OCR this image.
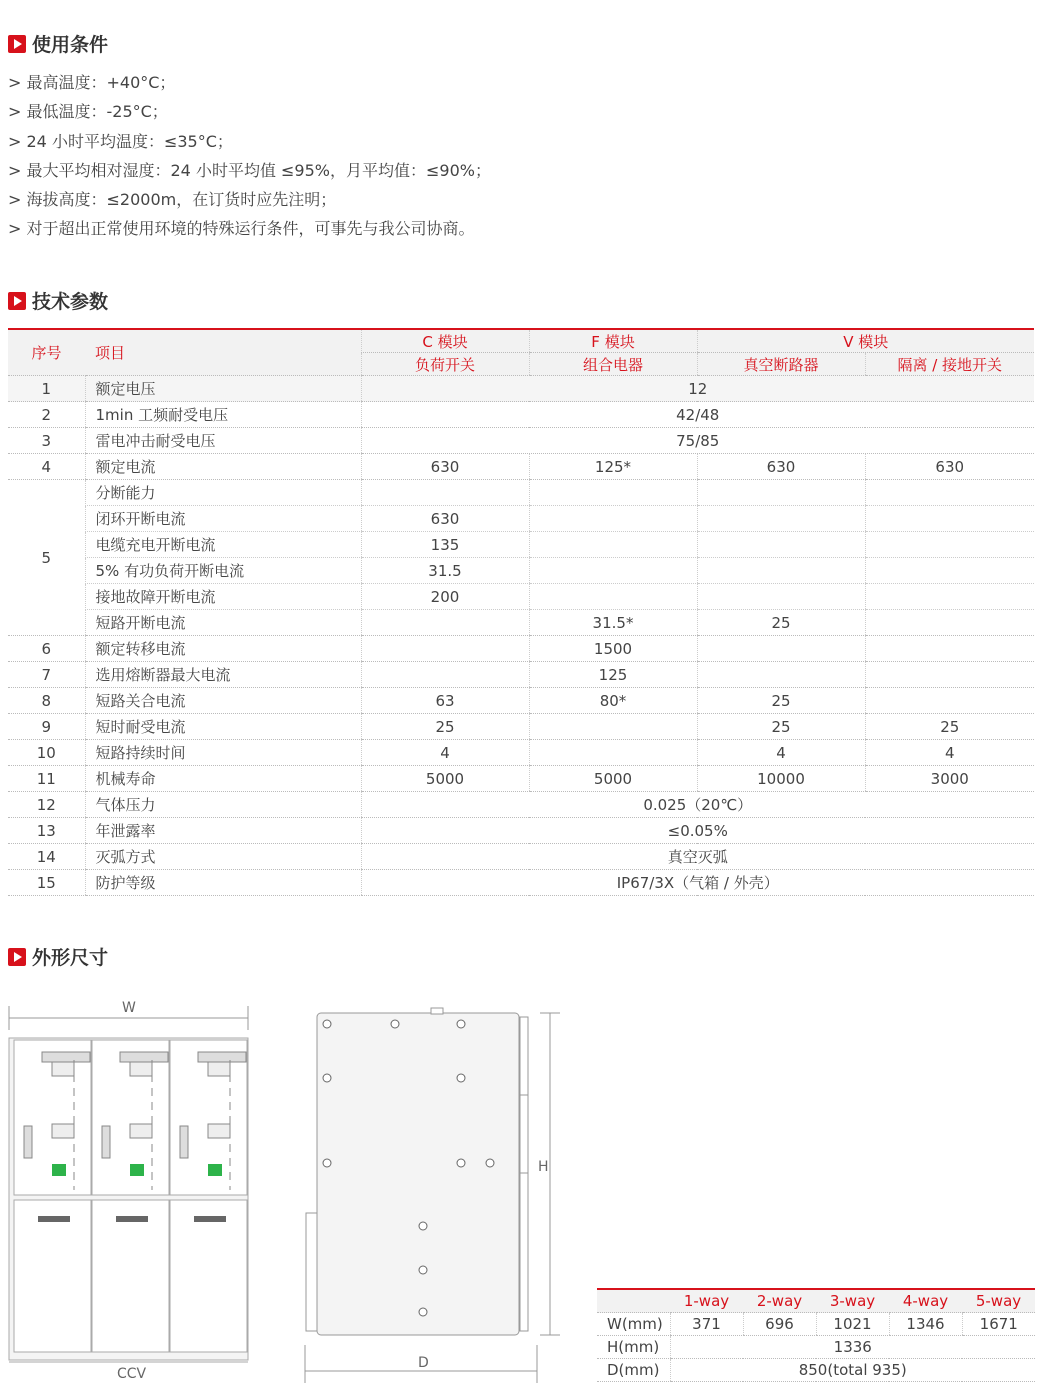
使用条件
> 最高温度：+40°C；
> 最低温度：-25°C；
> 24 小时平均温度：≤35°C；
> 最大平均相对湿度：24 小时平均值 ≤95%，月平均值：≤90%；
> 海拔高度：≤2000m，在订货时应先注明；
> 对于超出正常使用环境的特殊运行条件，可事先与我公司协商。
技术参数
序号	项目	C 模块	F 模块	V 模块	
		负荷开关	组合电器	真空断路器	隔离 / 接地开关
1	额定电压	12			
2	1min 工频耐受电压	42/48			
3	雷电冲击耐受电压	75/85			
4	额定电流	630	125*	630	630
5	分断能力				
	闭环开断电流	630			
	电缆充电开断电流	135			
	5% 有功负荷开断电流	31.5			
	接地故障开断电流	200			
	短路开断电流		31.5*	25	
6	额定转移电流		1500		
7	选用熔断器最大电流		125		
8	短路关合电流	63	80*	25	
9	短时耐受电流	25		25	25
10	短路持续时间	4		4	4
11	机械寿命	5000	5000	10000	3000
12	气体压力	0.025（20℃）			
13	年泄露率	≤0.05%			
14	灭弧方式	真空灭弧			
15	防护等级	IP67/3X（气箱 / 外壳）			
外形尺寸
W
CCV
H
D
	1-way	2-way	3-way	4-way	5-way
W(mm)	371	696	1021	1346	1671
H(mm)	1336				
D(mm)	850(total 935)				
